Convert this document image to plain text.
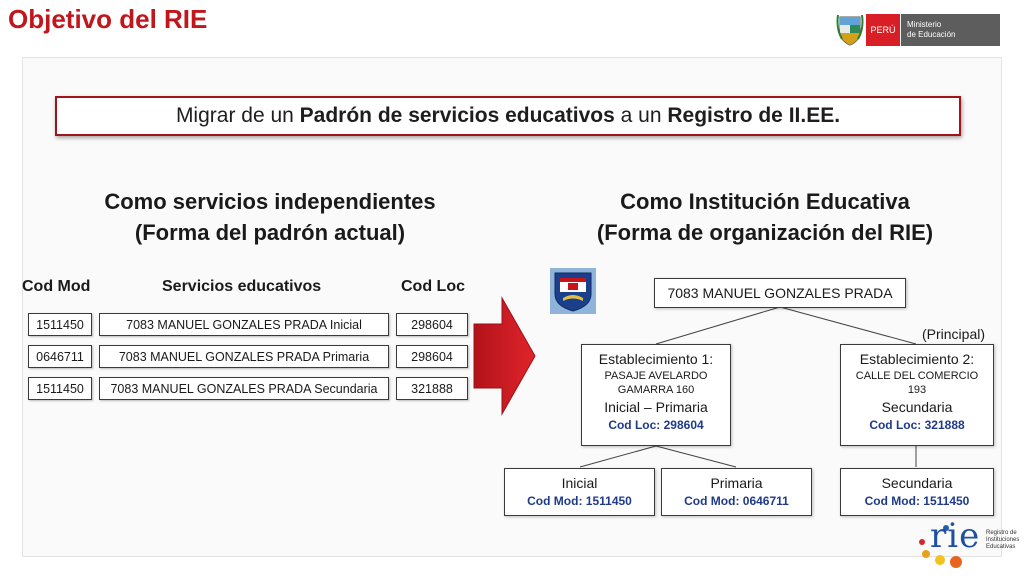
Objetivo del RIE	PERÚ
Ministerio
de Educación
Migrar de un Padrón de servicios educativos a un Registro de II.EE.
Como servicios independientes
(Forma del padrón actual)
Como Institución Educativa
(Forma de organización del RIE)
Cod Mod	Servicios educativos	Cod Loc
1511450	7083 MANUEL GONZALES PRADA Inicial	298604
0646711	7083 MANUEL GONZALES PRADA Primaria	298604
1511450	7083 MANUEL GONZALES PRADA Secundaria	321888
7083 MANUEL GONZALES PRADA
(Principal)
Establecimiento 1:
PASAJE AVELARDO
GAMARRA 160
Inicial – Primaria
Cod Loc: 298604
Establecimiento 2:
CALLE DEL COMERCIO
193
Secundaria
Cod Loc: 321888
Inicial
Cod Mod: 1511450
Primaria
Cod Mod: 0646711
Secundaria
Cod Mod: 1511450
rie Registro de
Instituciones
Educativas
